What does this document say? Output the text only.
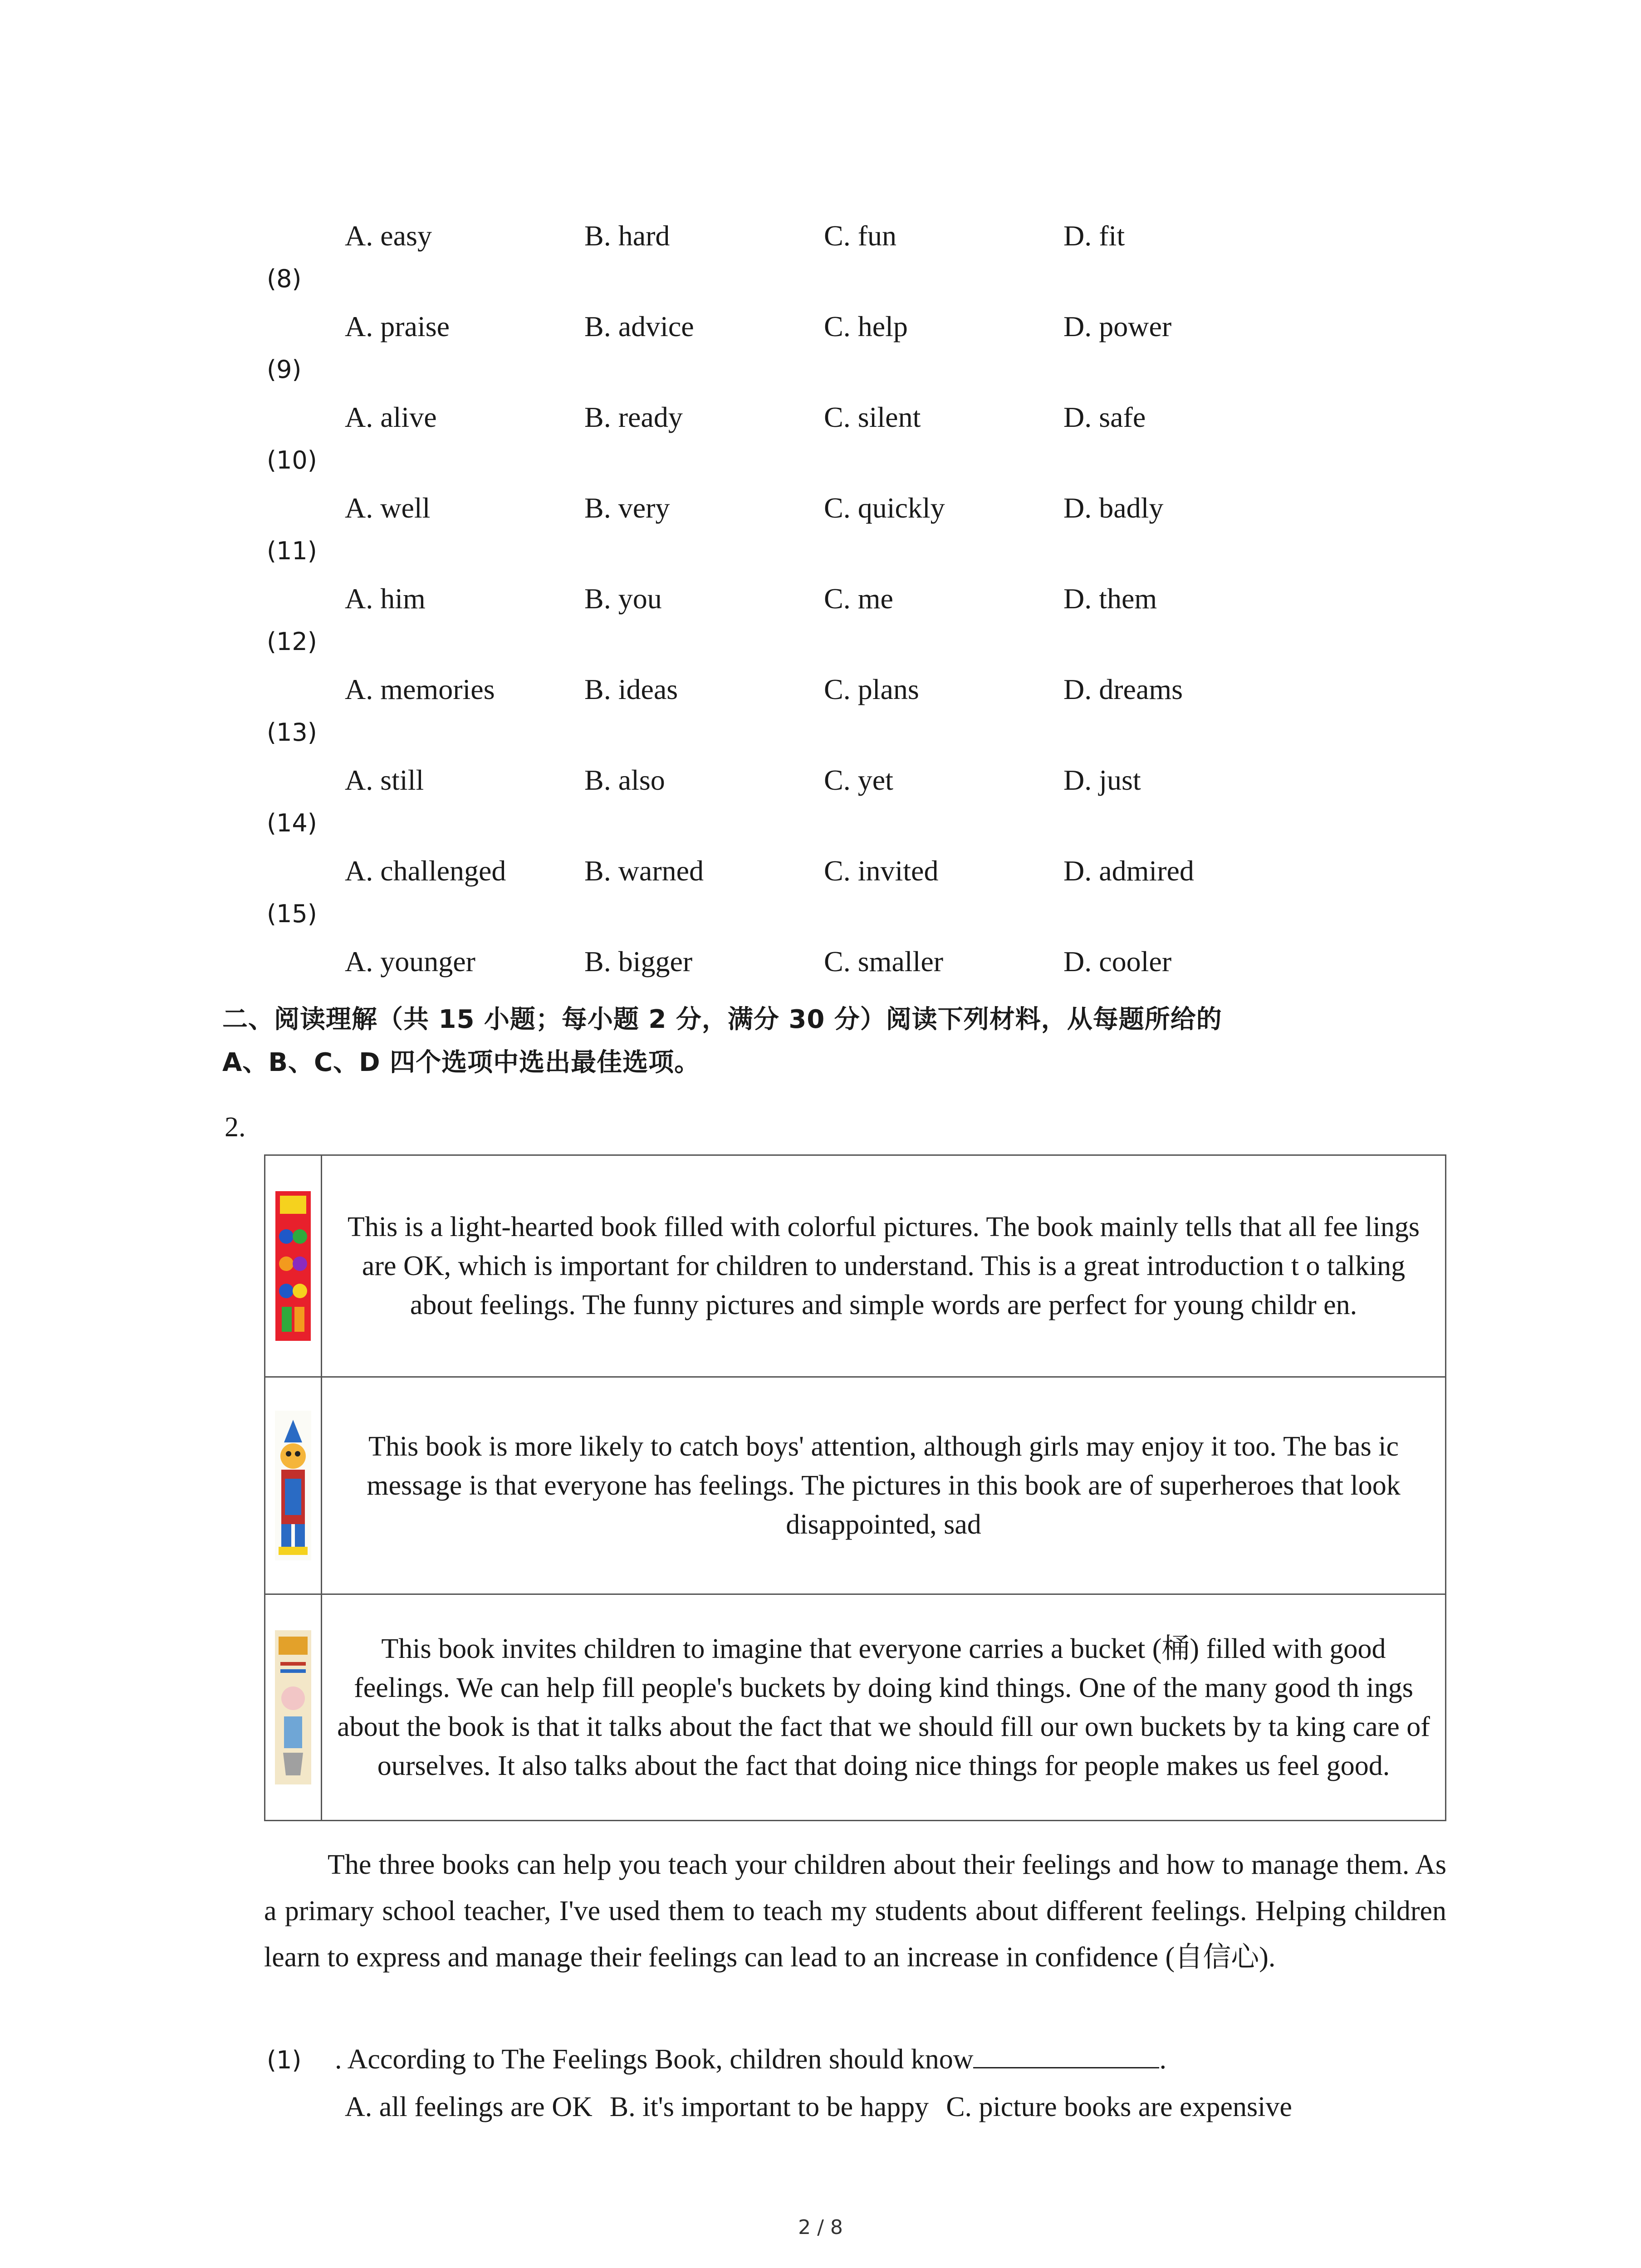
A. easy	B. hard	C. fun	D. fit
(8)
A. praise	B. advice	C. help	D. power
(9)
A. alive	B. ready	C. silent	D. safe
(10)
A. well	B. very	C. quickly	D. badly
(11)
A. him	B. you	C. me	D. them
(12)
A. memories	B. ideas	C. plans	D. dreams
(13)
A. still	B. also	C. yet	D. just
(14)
A. challenged	B. warned	C. invited	D. admired
(15)
A. younger	B. bigger	C. smaller	D. cooler
二、阅读理解（共 15 小题；每小题 2 分，满分 30 分）阅读下列材料，从每题所给的
A、B、C、D 四个选项中选出最佳选项。
2.
	This is a light-hearted book filled with colorful pictures. The book mainly tells that all fee lings are OK, which is important for children to understand. This is a great introduction t o talking about feelings. The funny pictures and simple words are perfect for young childr en.

	This book is more likely to catch boys' attention, although girls may enjoy it too. The bas ic message is that everyone has feelings. The pictures in this book are of superheroes that look disappointed, sad

	This book invites children to imagine that everyone carries a bucket (桶) filled with good feelings. We can help fill people's buckets by doing kind things. One of the many good th ings about the book is that it talks about the fact that we should fill our own buckets by ta king care of ourselves. It also talks about the fact that doing nice things for people makes us feel good.
The three books can help you teach your children about their feelings and how to manage them. As a primary school teacher, I've used them to teach my students about different feelings. Helping children learn to express and manage their feelings can lead to an increase in confidence (自信心).
(1) . According to The Feelings Book, children should know	.
A. all feelings are OK B. it's important to be happy C. picture books are expensive
2 / 8
